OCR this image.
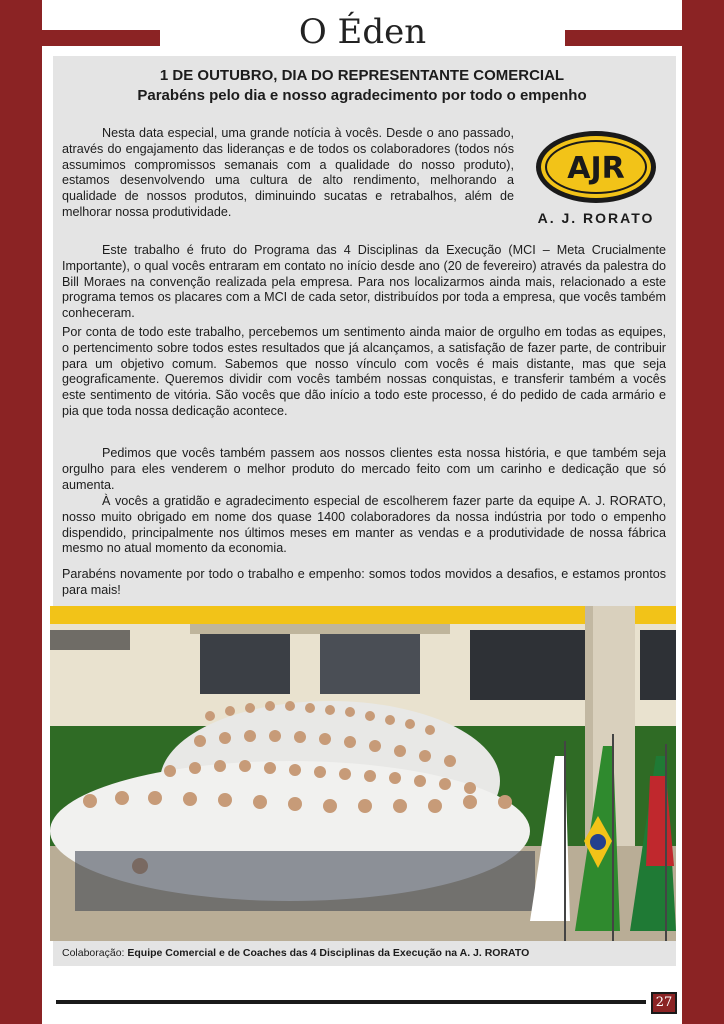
O Éden
1 DE OUTUBRO, DIA DO REPRESENTANTE COMERCIAL
Parabéns pelo dia e nosso agradecimento por todo o empenho
AJR
A. J. RORATO

Nesta data especial, uma grande notícia à vocês. Desde o ano passado, através do engajamento das lideranças e de todos os colaboradores (todos nós assumimos compromissos semanais com a qualidade do nosso produto), estamos desenvolvendo uma cultura de alto rendimento, melhorando a qualidade de nossos produtos, diminuindo sucatas e retrabalhos, além de melhorar nossa produtividade.

Este trabalho é fruto do Programa das 4 Disciplinas da Execução (MCI – Meta Crucialmente Importante), o qual vocês entraram em contato no início desde ano (20 de fevereiro) através da palestra do Bill Moraes na convenção realizada pela empresa. Para nos localizarmos ainda mais, relacionado a este programa temos os placares com a MCI de cada setor, distribuídos por toda a empresa, que vocês também conheceram.

Por conta de todo este trabalho, percebemos um sentimento ainda maior de orgulho em todas as equipes, o pertencimento sobre todos estes resultados que já alcançamos, a satisfação de fazer parte, de contribuir para um objetivo comum. Sabemos que nosso vínculo com vocês é mais distante, mas que seja geograficamente. Queremos dividir com vocês também nossas conquistas, e transferir também a vocês este sentimento de vitória. São vocês que dão início a todo este processo, é do pedido de cada armário e pia que toda nossa dedicação acontece.

Pedimos que vocês também passem aos nossos clientes esta nossa história, e que também seja orgulho para eles venderem o melhor produto do mercado feito com um carinho e dedicação que só aumenta.

À vocês a gratidão e agradecimento especial de escolherem fazer parte da equipe A. J. RORATO, nosso muito obrigado em nome dos quase 1400 colaboradores da nossa indústria por todo o empenho dispendido, principalmente nos últimos meses em manter as vendas e a produtividade de nossa fábrica mesmo no atual momento da economia.

Parabéns novamente por todo o trabalho e empenho: somos todos movidos a desafios, e estamos prontos para mais!

Colaboração: Equipe Comercial e de Coaches das 4 Disciplinas da Execução na A. J. RORATO
27
